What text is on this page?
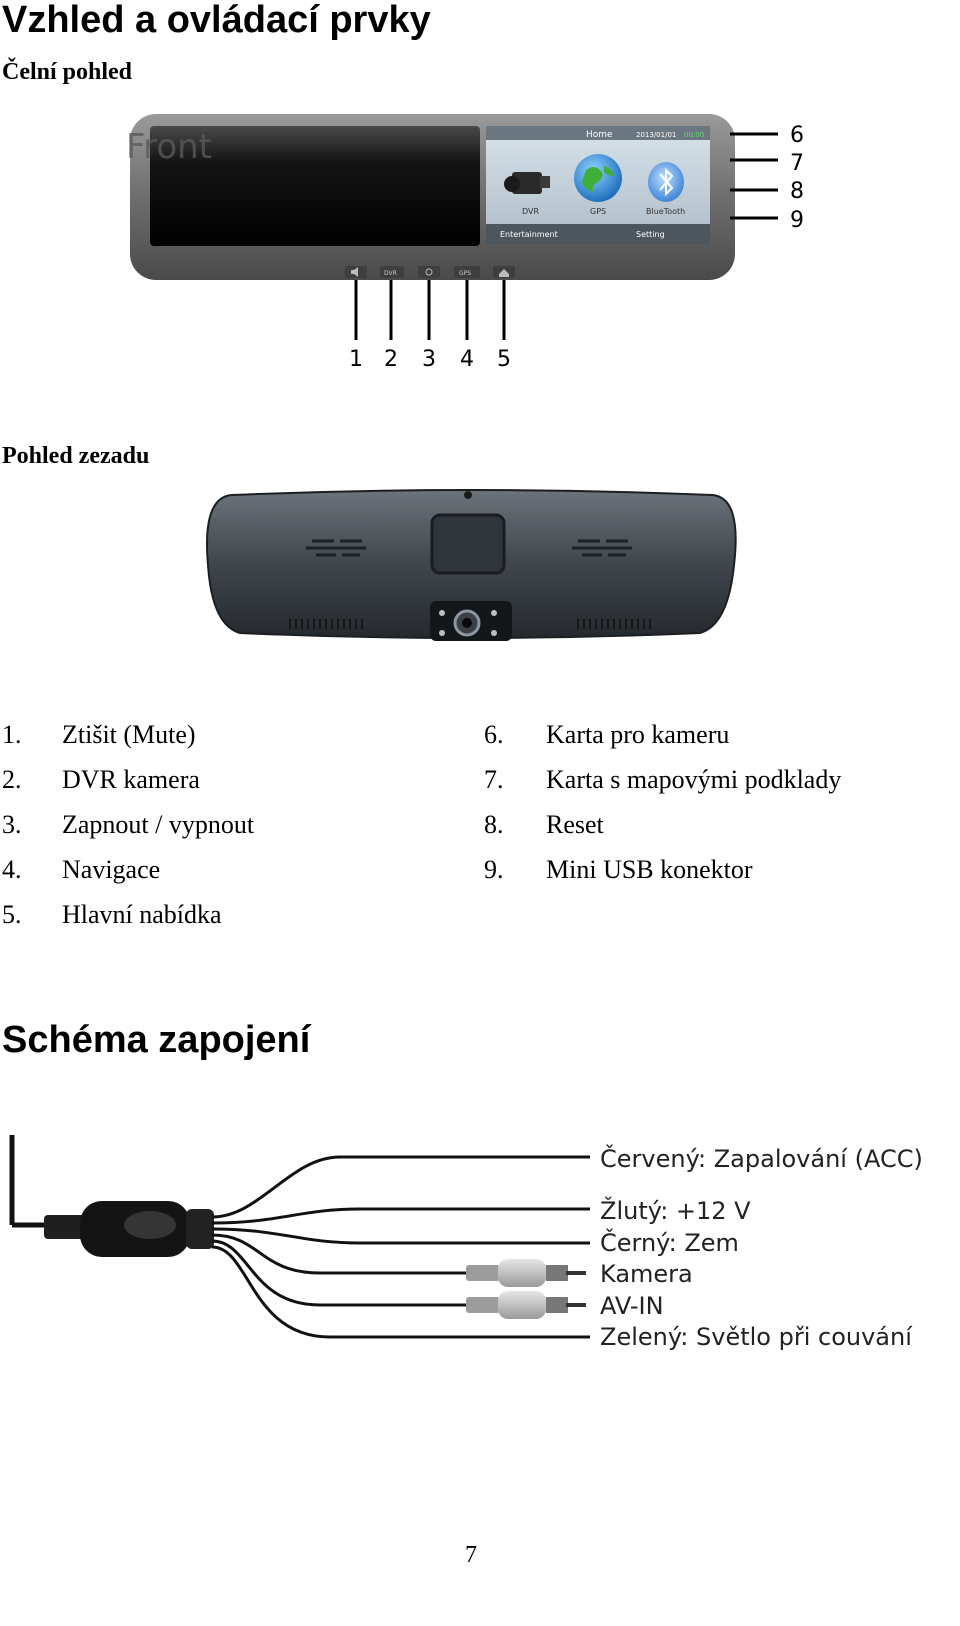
Vzhled a ovládací prvky
Čelní pohled
Front	Home	2013/01/01 00:00
DVR	GPS	BlueTooth
Entertainment	Setting
DVR	GPS
1 2 3 4 5
6
7
8
9
Pohled zezadu
1. Ztišit (Mute)
2. DVR kamera
3. Zapnout / vypnout
4. Navigace
5. Hlavní nabídka
6. Karta pro kameru
7. Karta s mapovými podklady
8. Reset
9. Mini USB konektor
Schéma zapojení
Červený: Zapalování (ACC)
Žlutý: +12 V
Černý: Zem
Kamera
AV-IN
Zelený: Světlo při couvání
7
